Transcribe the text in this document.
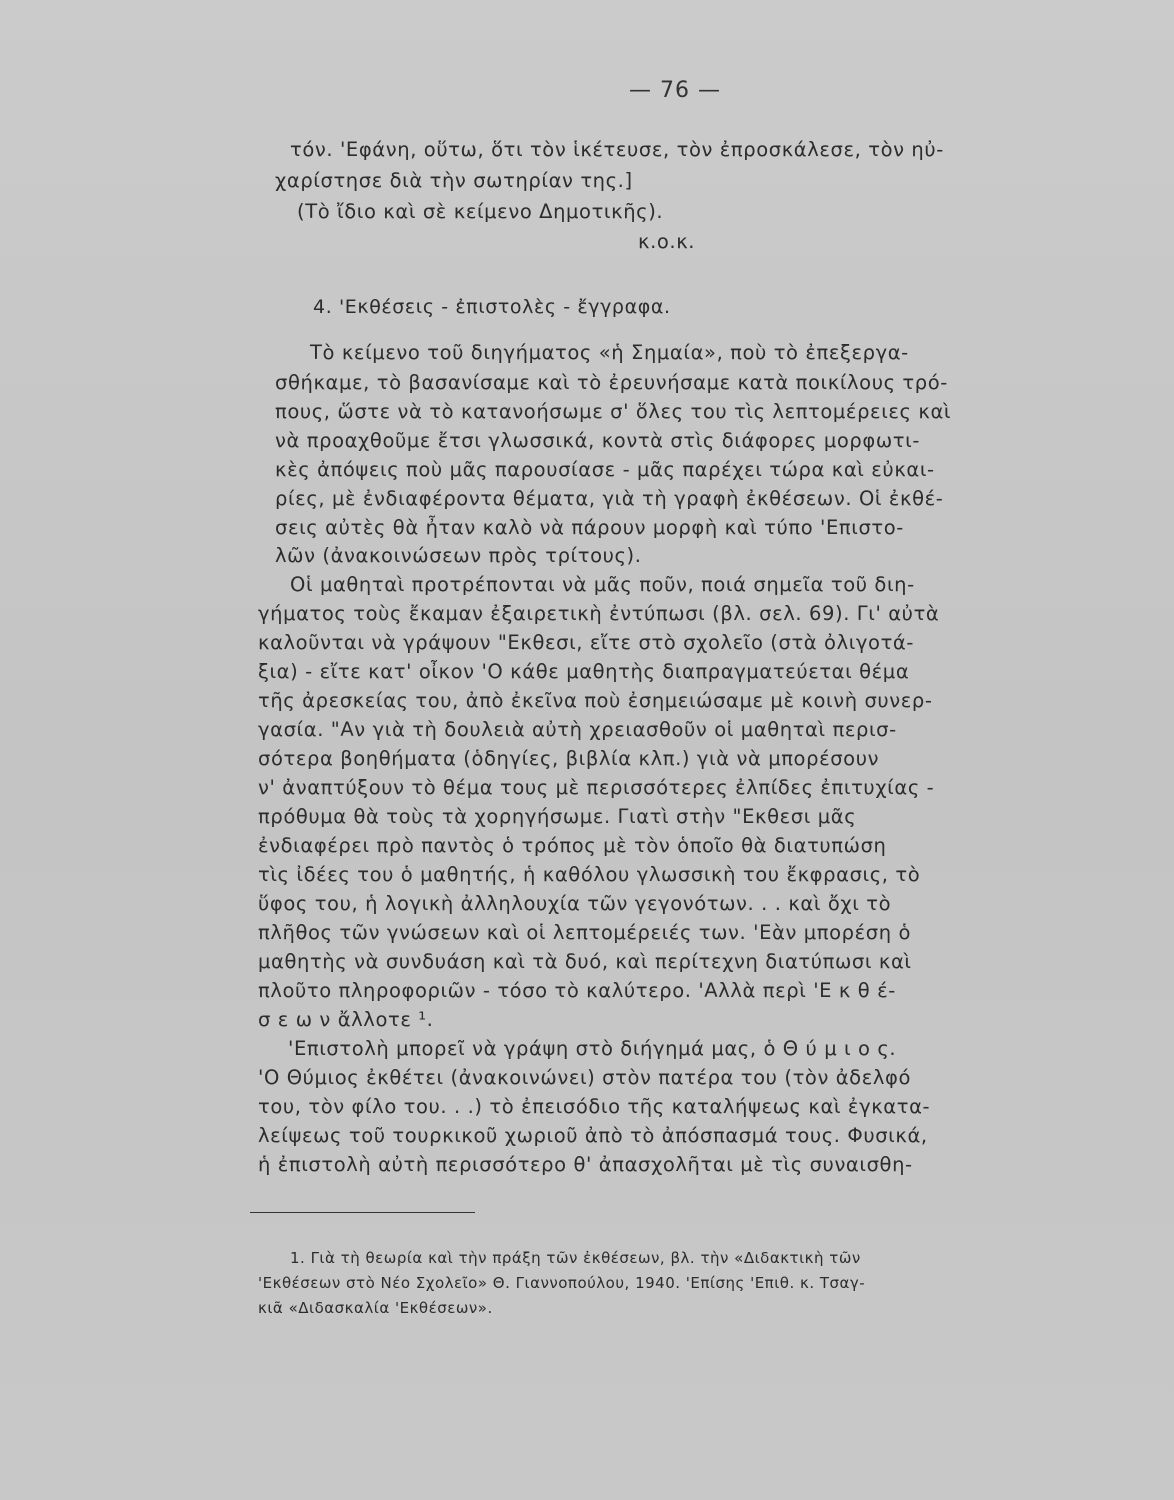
— 76 —
τόν. 'Εφάνη, οὕτω, ὅτι τὸν ἱκέτευσε, τὸν ἐπροσκάλεσε, τὸν ηὐ-
χαρίστησε διὰ τὴν σωτηρίαν της.]
(Τὸ ἴδιο καὶ σὲ κείμενο Δημοτικῆς).
κ.ο.κ.
4. 'Εκθέσεις - ἐπιστολὲς - ἔγγραφα.
Τὸ κείμενο τοῦ διηγήματος «ἡ Σημαία», ποὺ τὸ ἐπεξεργα-
σθήκαμε, τὸ βασανίσαμε καὶ τὸ ἐρευνήσαμε κατὰ ποικίλους τρό-
πους, ὥστε νὰ τὸ κατανοήσωμε σ' ὅλες του τὶς λεπτομέρειες καὶ
νὰ προαχθοῦμε ἔτσι γλωσσικά, κοντὰ στὶς διάφορες μορφωτι-
κὲς ἀπόψεις ποὺ μᾶς παρουσίασε - μᾶς παρέχει τώρα καὶ εὐκαι-
ρίες, μὲ ἐνδιαφέροντα θέματα, γιὰ τὴ γραφὴ ἐκθέσεων. Οἱ ἐκθέ-
σεις αὐτὲς θὰ ἦταν καλὸ νὰ πάρουν μορφὴ καὶ τύπο 'Επιστο-
λῶν (ἀνακοινώσεων πρὸς τρίτους).
Οἱ μαθηταὶ προτρέπονται νὰ μᾶς ποῦν, ποιά σημεῖα τοῦ διη-
γήματος τοὺς ἔκαμαν ἐξαιρετικὴ ἐντύπωσι (βλ. σελ. 69). Γι' αὐτὰ
καλοῦνται νὰ γράψουν "Εκθεσι, εἴτε στὸ σχολεῖο (στὰ ὀλιγοτά-
ξια) - εἴτε κατ' οἶκον 'Ο κάθε μαθητὴς διαπραγματεύεται θέμα
τῆς ἀρεσκείας του, ἀπὸ ἐκεῖνα ποὺ ἐσημειώσαμε μὲ κοινὴ συνερ-
γασία. "Αν γιὰ τὴ δουλειὰ αὐτὴ χρειασθοῦν οἱ μαθηταὶ περισ-
σότερα βοηθήματα (ὁδηγίες, βιβλία κλπ.) γιὰ νὰ μπορέσουν
ν' ἀναπτύξουν τὸ θέμα τους μὲ περισσότερες ἐλπίδες ἐπιτυχίας -
πρόθυμα θὰ τοὺς τὰ χορηγήσωμε. Γιατὶ στὴν "Εκθεσι μᾶς
ἐνδιαφέρει πρὸ παντὸς ὁ τρόπος μὲ τὸν ὁποῖο θὰ διατυπώση
τὶς ἰδέες του ὁ μαθητής, ἡ καθόλου γλωσσικὴ του ἔκφρασις, τὸ
ὕφος του, ἡ λογικὴ ἀλληλουχία τῶν γεγονότων. . . καὶ ὄχι τὸ
πλῆθος τῶν γνώσεων καὶ οἱ λεπτομέρειές των. 'Εὰν μπορέση ὁ
μαθητὴς νὰ συνδυάση καὶ τὰ δυό, καὶ περίτεχνη διατύπωσι καὶ
πλοῦτο πληροφοριῶν - τόσο τὸ καλύτερο. 'Αλλὰ περὶ 'Ε κ θ έ-
σ ε ω ν ἄλλοτε ¹.
'Επιστολὴ μπορεῖ νὰ γράψη στὸ διήγημά μας, ὁ Θ ύ μ ι ο ς.
'Ο Θύμιος ἐκθέτει (ἀνακοινώνει) στὸν πατέρα του (τὸν ἀδελφό
του, τὸν φίλο του. . .) τὸ ἐπεισόδιο τῆς καταλήψεως καὶ ἐγκατα-
λείψεως τοῦ τουρκικοῦ χωριοῦ ἀπὸ τὸ ἀπόσπασμά τους. Φυσικά,
ἡ ἐπιστολὴ αὐτὴ περισσότερο θ' ἀπασχολῆται μὲ τὶς συναισθη-
1. Γιὰ τὴ θεωρία καὶ τὴν πράξη τῶν ἐκθέσεων, βλ. τὴν «Διδακτικὴ τῶν
'Εκθέσεων στὸ Νέο Σχολεῖο» Θ. Γιαννοπούλου, 1940. 'Επίσης 'Επιθ. κ. Τσαγ-
κιᾶ «Διδασκαλία 'Εκθέσεων».
